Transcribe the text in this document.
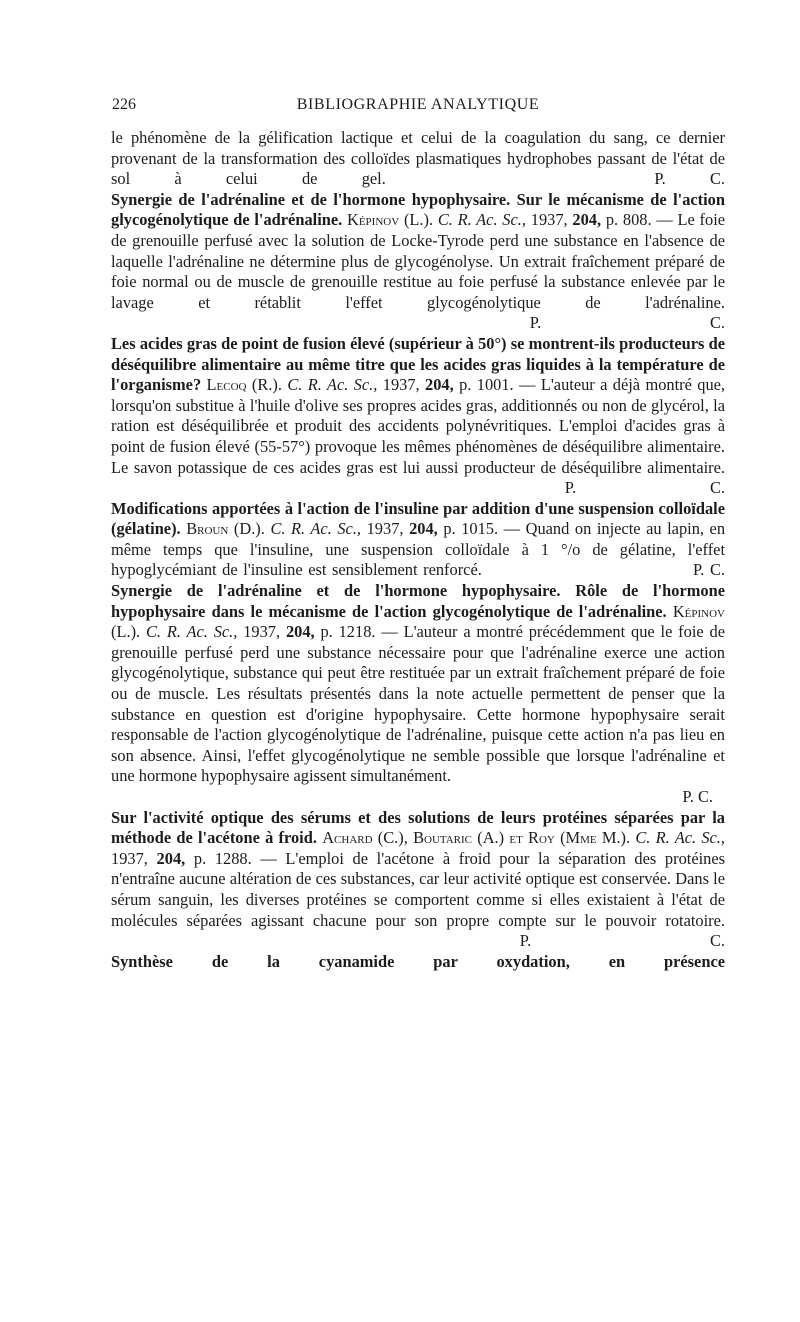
226	BIBLIOGRAPHIE ANALYTIQUE

le phénomène de la gélification lactique et celui de la coagulation du sang, ce dernier provenant de la transformation des colloïdes plasmatiques hydrophobes passant de l'état de sol à celui de gel.	P. C.

Synergie de l'adrénaline et de l'hormone hypophysaire. Sur le mécanisme de l'action glycogénolytique de l'adrénaline. Képinov (L.). C. R. Ac. Sc., 1937, 204, p. 808. — Le foie de grenouille perfusé avec la solution de Locke-Tyrode perd une substance en l'absence de laquelle l'adrénaline ne détermine plus de glycogénolyse. Un extrait fraîchement préparé de foie normal ou de muscle de grenouille restitue au foie perfusé la substance enlevée par le lavage et rétablit l'effet glycogénolytique de l'adrénaline.  P. C.

Les acides gras de point de fusion élevé (supérieur à 50°) se montrent-ils producteurs de déséquilibre alimentaire au même titre que les acides gras liquides à la température de l'organisme? Lecoq (R.). C. R. Ac. Sc., 1937, 204, p. 1001. — L'auteur a déjà montré que, lorsqu'on substitue à l'huile d'olive ses propres acides gras, additionnés ou non de glycérol, la ration est déséquilibrée et produit des accidents polynévritiques. L'emploi d'acides gras à point de fusion élevé (55-57°) provoque les mêmes phénomènes de déséquilibre alimentaire. Le savon potassique de ces acides gras est lui aussi producteur de déséquilibre alimentaire.  P. C.

Modifications apportées à l'action de l'insuline par addition d'une suspension colloïdale (gélatine). Broun (D.). C. R. Ac. Sc., 1937, 204, p. 1015. — Quand on injecte au lapin, en même temps que l'insuline, une suspension colloïdale à 1 °/o de gélatine, l'effet hypoglycémiant de l'insuline est sensiblement renforcé.	P. C.

Synergie de l'adrénaline et de l'hormone hypophysaire. Rôle de l'hormone hypophysaire dans le mécanisme de l'action glycogénolytique de l'adrénaline. Képinov (L.). C. R. Ac. Sc., 1937, 204, p. 1218. — L'auteur a montré précédemment que le foie de grenouille perfusé perd une substance nécessaire pour que l'adrénaline exerce une action glycogénolytique, substance qui peut être restituée par un extrait fraîchement préparé de foie ou de muscle. Les résultats présentés dans la note actuelle permettent de penser que la substance en question est d'origine hypophysaire. Cette hormone hypophysaire serait responsable de l'action glycogénolytique de l'adrénaline, puisque cette action n'a pas lieu en son absence. Ainsi, l'effet glycogénolytique ne semble possible que lorsque l'adrénaline et une hormone hypophysaire agissent simultanément.
P. C.

Sur l'activité optique des sérums et des solutions de leurs protéines séparées par la méthode de l'acétone à froid. Achard (C.), Boutaric (A.) et Roy (Mme M.). C. R. Ac. Sc., 1937, 204, p. 1288. — L'emploi de l'acétone à froid pour la séparation des protéines n'entraîne aucune altération de ces substances, car leur activité optique est conservée. Dans le sérum sanguin, les diverses protéines se comportent comme si elles existaient à l'état de molécules séparées agissant chacune pour son propre compte sur le pouvoir rotatoire.  P. C.

Synthèse de la cyanamide par oxydation, en présence
